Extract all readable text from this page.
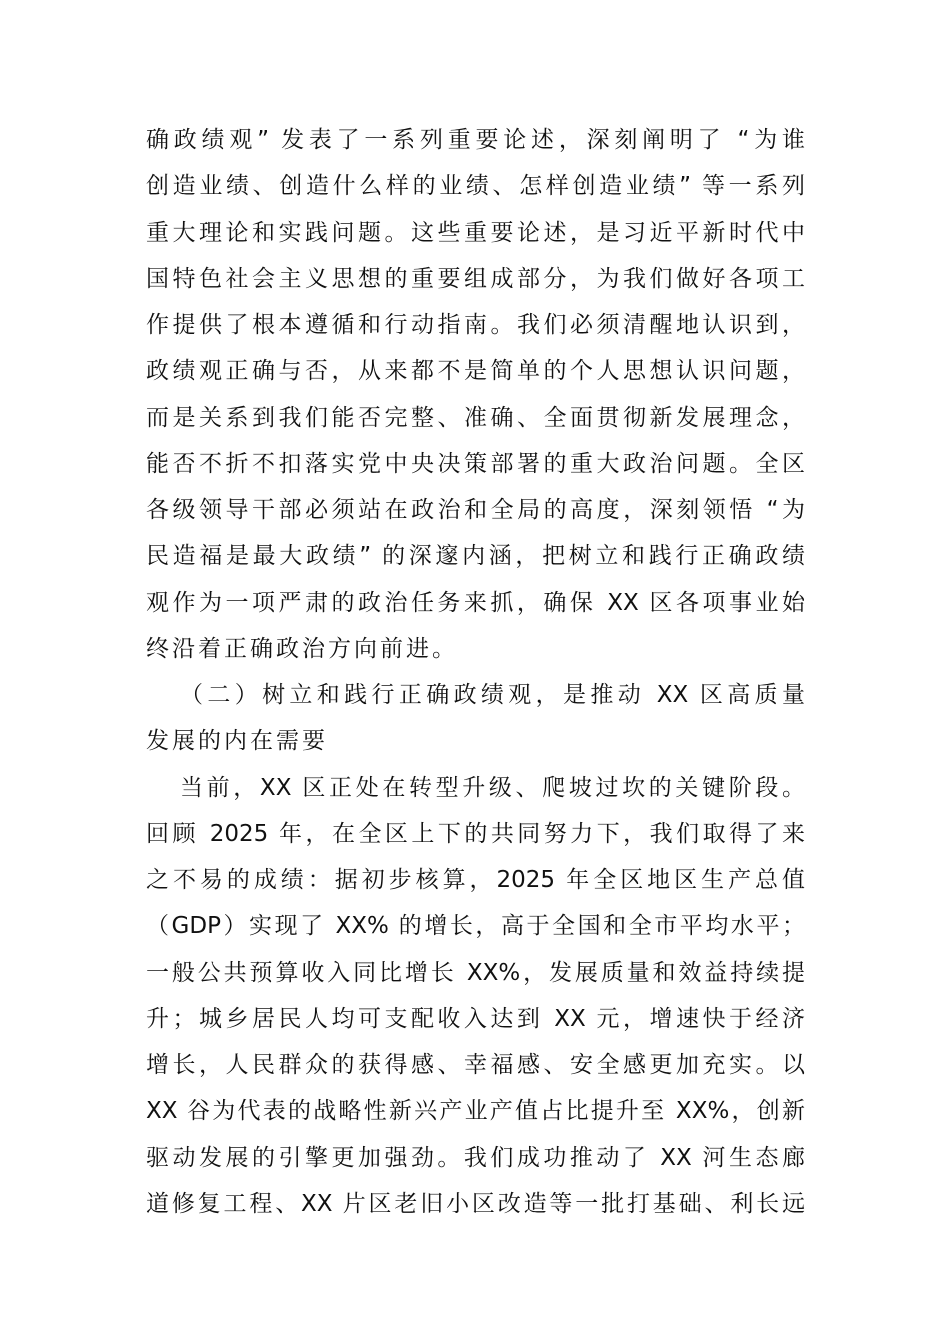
确政绩观” 发表了一系列重要论述，深刻阐明了 “为谁
创造业绩、创造什么样的业绩、怎样创造业绩” 等一系列
重大理论和实践问题。这些重要论述，是习近平新时代中
国特色社会主义思想的重要组成部分，为我们做好各项工
作提供了根本遵循和行动指南。我们必须清醒地认识到，
政绩观正确与否，从来都不是简单的个人思想认识问题，
而是关系到我们能否完整、准确、全面贯彻新发展理念，
能否不折不扣落实党中央决策部署的重大政治问题。全区
各级领导干部必须站在政治和全局的高度，深刻领悟 “为
民造福是最大政绩” 的深邃内涵，把树立和践行正确政绩
观作为一项严肃的政治任务来抓，确保 XX 区各项事业始
终沿着正确政治方向前进。
（二）树立和践行正确政绩观，是推动 XX 区高质量
发展的内在需要
当前，XX 区正处在转型升级、爬坡过坎的关键阶段。
回顾 2025 年，在全区上下的共同努力下，我们取得了来
之不易的成绩：据初步核算，2025 年全区地区生产总值
（GDP）实现了 XX% 的增长，高于全国和全市平均水平；
一般公共预算收入同比增长 XX%，发展质量和效益持续提
升；城乡居民人均可支配收入达到 XX 元，增速快于经济
增长，人民群众的获得感、幸福感、安全感更加充实。以
XX 谷为代表的战略性新兴产业产值占比提升至 XX%，创新
驱动发展的引擎更加强劲。我们成功推动了 XX 河生态廊
道修复工程、XX 片区老旧小区改造等一批打基础、利长远
